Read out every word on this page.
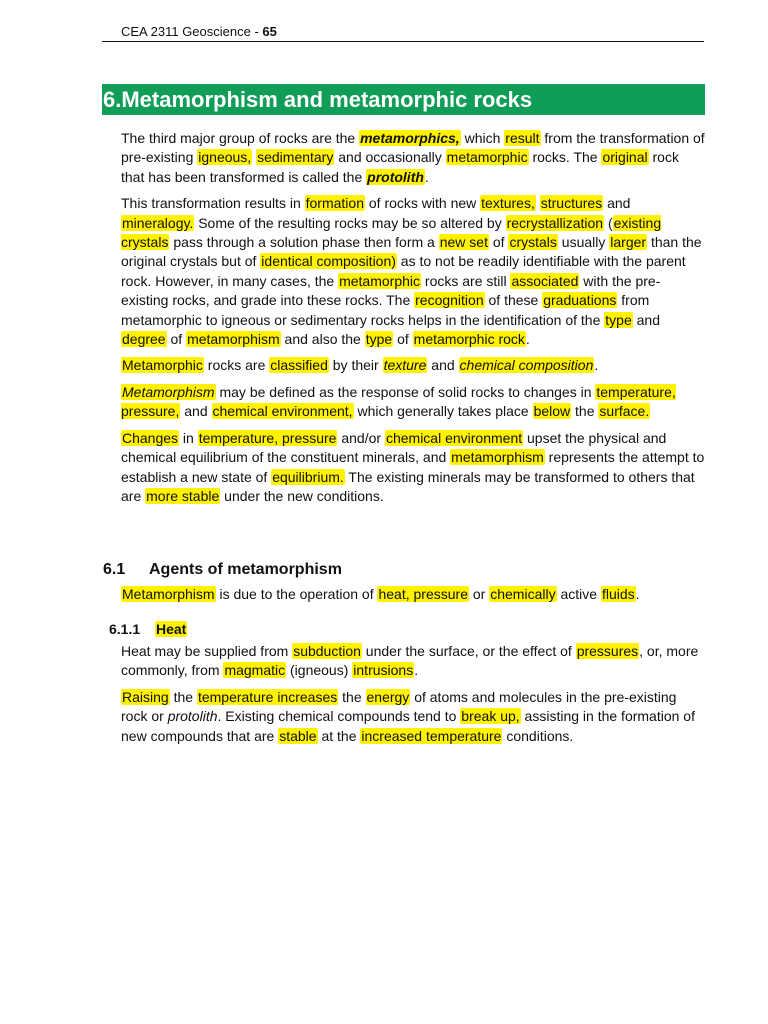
CEA 2311 Geoscience - 65
6.Metamorphism and metamorphic rocks

The third major group of rocks are the metamorphics, which result from the transformation of pre-existing igneous, sedimentary and occasionally metamorphic rocks. The original rock that has been transformed is called the protolith.

This transformation results in formation of rocks with new textures, structures and mineralogy. Some of the resulting rocks may be so altered by recrystallization (existing crystals pass through a solution phase then form a new set of crystals usually larger than the original crystals but of identical composition) as to not be readily identifiable with the parent rock. However, in many cases, the metamorphic rocks are still associated with the pre-existing rocks, and grade into these rocks. The recognition of these graduations from metamorphic to igneous or sedimentary rocks helps in the identification of the type and degree of metamorphism and also the type of metamorphic rock.

Metamorphic rocks are classified by their texture and chemical composition.

Metamorphism may be defined as the response of solid rocks to changes in temperature, pressure, and chemical environment, which generally takes place below the surface.

Changes in temperature, pressure and/or chemical environment upset the physical and chemical equilibrium of the constituent minerals, and metamorphism represents the attempt to establish a new state of equilibrium. The existing minerals may be transformed to others that are more stable under the new conditions.

6.1 Agents of metamorphism

Metamorphism is due to the operation of heat, pressure or chemically active fluids.

6.1.1 Heat

Heat may be supplied from subduction under the surface, or the effect of pressures, or, more commonly, from magmatic (igneous) intrusions.

Raising the temperature increases the energy of atoms and molecules in the pre-existing rock or protolith. Existing chemical compounds tend to break up, assisting in the formation of new compounds that are stable at the increased temperature conditions.
